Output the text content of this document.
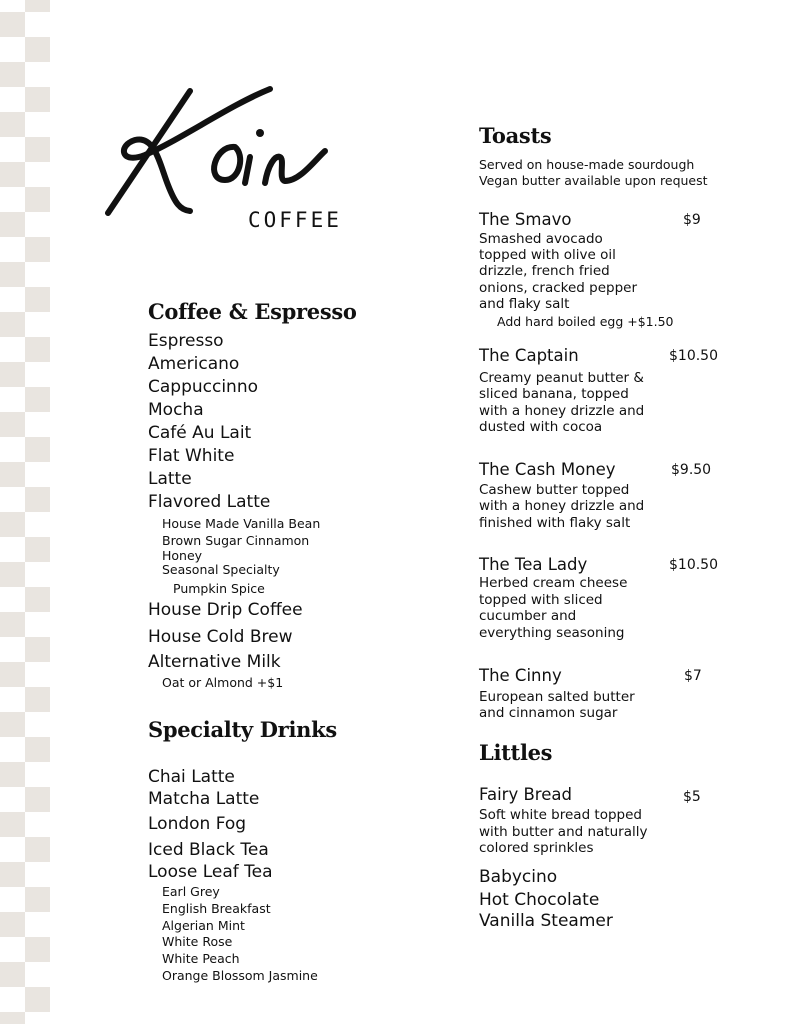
COFFEE
Coffee & Espresso
Espresso
Americano
Cappuccinno
Mocha
Café Au Lait
Flat White
Latte
Flavored Latte
House Made Vanilla Bean
Brown Sugar Cinnamon
Honey
Seasonal Specialty
Pumpkin Spice
House Drip Coffee
House Cold Brew
Alternative Milk
Oat or Almond +$1
Specialty Drinks
Chai Latte
Matcha Latte
London Fog
Iced Black Tea
Loose Leaf Tea
Earl Grey
English Breakfast
Algerian Mint
White Rose
White Peach
Orange Blossom Jasmine
Toasts
Served on house-made sourdough
Vegan butter available upon request
The Smavo	$9
Smashed avocado
topped with olive oil
drizzle, french fried
onions, cracked pepper
and flaky salt
The Captain	$10.50
Creamy peanut butter &
sliced banana, topped
with a honey drizzle and
dusted with cocoa
The Cash Money	$9.50
Cashew butter topped
with a honey drizzle and
finished with flaky salt
The Tea Lady	$10.50
Herbed cream cheese
topped with sliced
cucumber and
everything seasoning
The Cinny	$7
European salted butter
and cinnamon sugar
Add hard boiled egg +$1.50
Littles
Fairy Bread	$5
Soft white bread topped
with butter and naturally
colored sprinkles
Babycino
Hot Chocolate
Vanilla Steamer
